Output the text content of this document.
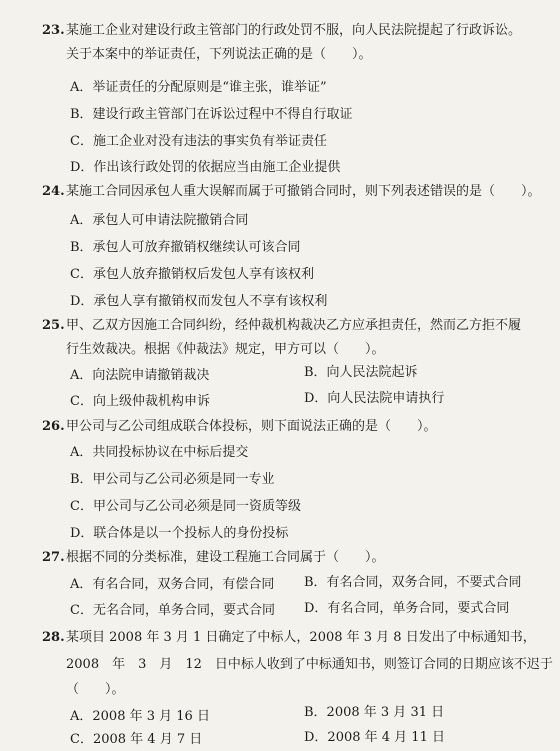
23. 某施工企业对建设行政主管部门的行政处罚不服，向人民法院提起了行政诉讼。
关于本案中的举证责任，下列说法正确的是（　　）。
A．举证责任的分配原则是“谁主张，谁举证”
B．建设行政主管部门在诉讼过程中不得自行取证
C．施工企业对没有违法的事实负有举证责任
D．作出该行政处罚的依据应当由施工企业提供
24. 某施工合同因承包人重大误解而属于可撤销合同时，则下列表述错误的是（　　）。
A．承包人可申请法院撤销合同
B．承包人可放弃撤销权继续认可该合同
C．承包人放弃撤销权后发包人享有该权利
D．承包人享有撤销权而发包人不享有该权利
25. 甲、乙双方因施工合同纠纷，经仲裁机构裁决乙方应承担责任，然而乙方拒不履
行生效裁决。根据《仲裁法》规定，甲方可以（　　）。
A．向法院申请撤销裁决	B．向人民法院起诉
C．向上级仲裁机构申诉	D．向人民法院申请执行
26. 甲公司与乙公司组成联合体投标，则下面说法正确的是（　　）。
A．共同投标协议在中标后提交
B．甲公司与乙公司必须是同一专业
C．甲公司与乙公司必须是同一资质等级
D．联合体是以一个投标人的身份投标
27. 根据不同的分类标准，建设工程施工合同属于（　　）。
A．有名合同，双务合同，有偿合同 B．有名合同，双务合同，不要式合同
C．无名合同，单务合同，要式合同 D．有名合同，单务合同，要式合同
28. 某项目 2008 年 3 月 1 日确定了中标人，2008 年 3 月 8 日发出了中标通知书，
2008　年　3　月　12　日中标人收到了中标通知书，则签订合同的日期应该不迟于
（　　）。
A．2008 年 3 月 16 日	B．2008 年 3 月 31 日
C．2008 年 4 月 7 日	D．2008 年 4 月 11 日
